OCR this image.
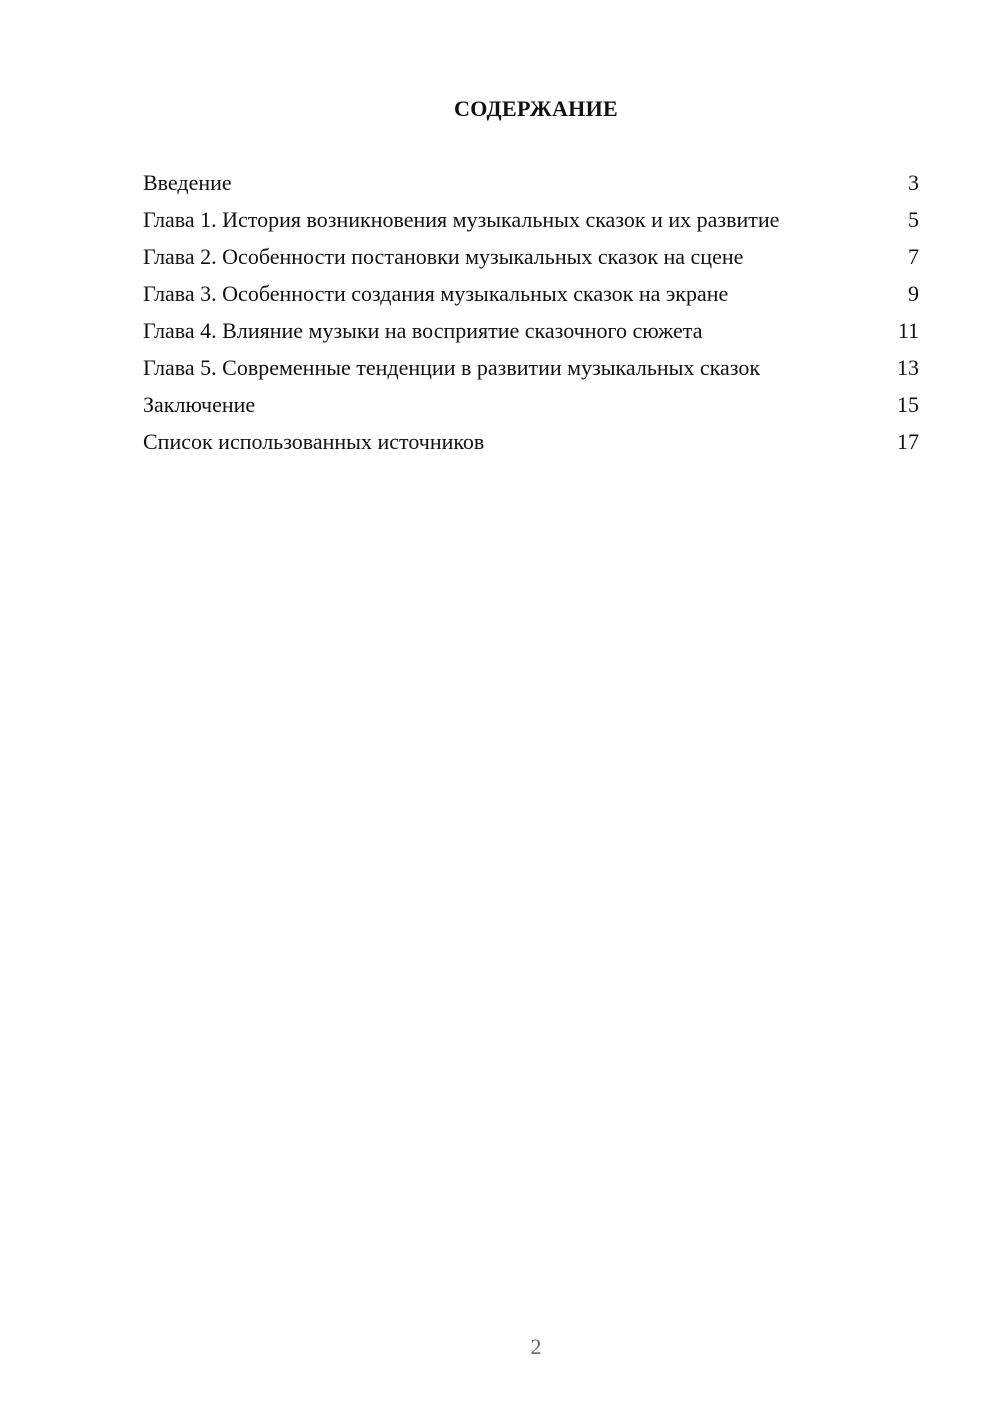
СОДЕРЖАНИЕ
Введение	3
Глава 1. История возникновения музыкальных сказок и их развитие	5
Глава 2. Особенности постановки музыкальных сказок на сцене	7
Глава 3. Особенности создания музыкальных сказок на экране	9
Глава 4. Влияние музыки на восприятие сказочного сюжета	11
Глава 5. Современные тенденции в развитии музыкальных сказок	13
Заключение	15
Список использованных источников	17
2
